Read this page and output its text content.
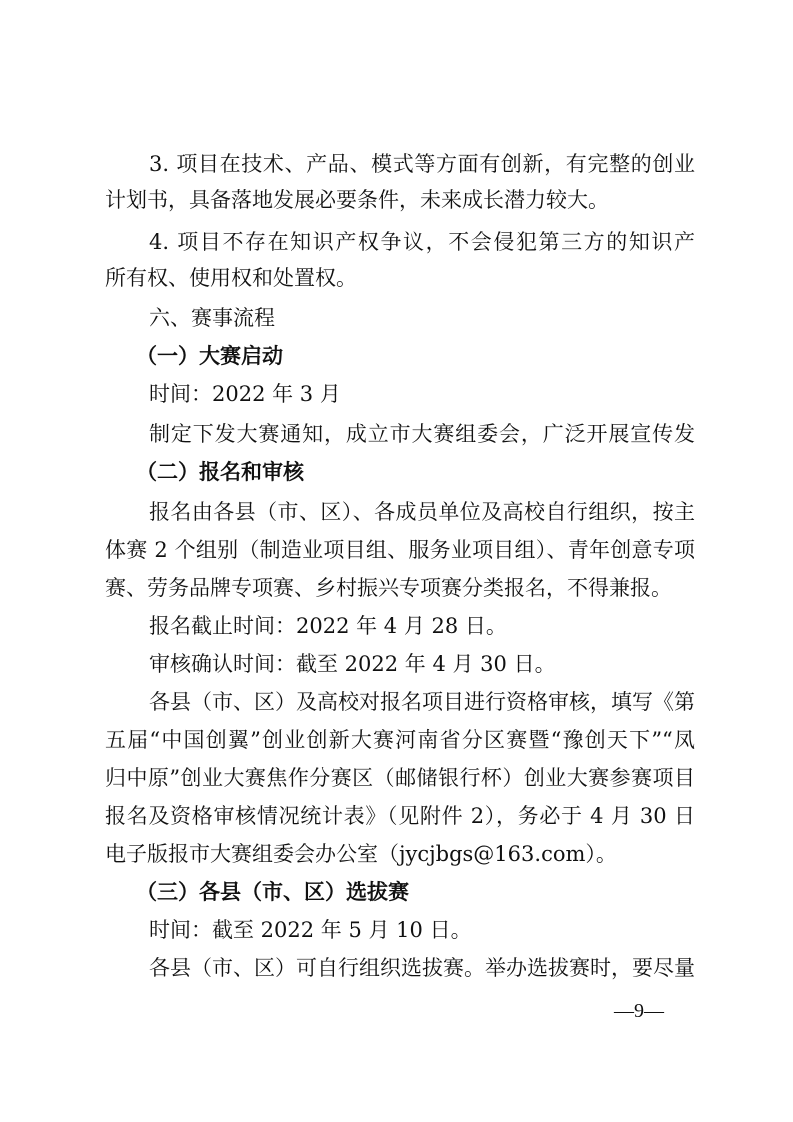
3. 项目在技术、产品、模式等方面有创新，有完整的创业

计划书，具备落地发展必要条件，未来成长潜力较大。

4. 项目不存在知识产权争议，不会侵犯第三方的知识产

所有权、使用权和处置权。

六、赛事流程

（一）大赛启动

时间：2022 年 3 月

制定下发大赛通知，成立市大赛组委会，广泛开展宣传发

（二）报名和审核

报名由各县（市、区）、各成员单位及高校自行组织，按主

体赛 2 个组别（制造业项目组、服务业项目组）、青年创意专项

赛、劳务品牌专项赛、乡村振兴专项赛分类报名，不得兼报。

报名截止时间：2022 年 4 月 28 日。

审核确认时间：截至 2022 年 4 月 30 日。

各县（市、区）及高校对报名项目进行资格审核，填写《第

五届“中国创翼”创业创新大赛河南省分区赛暨“豫创天下”“凤

归中原”创业大赛焦作分赛区（邮储银行杯）创业大赛参赛项目

报名及资格审核情况统计表》（见附件 2），务必于 4 月 30 日

电子版报市大赛组委会办公室（jycjbgs@163.com）。

（三）各县（市、区）选拔赛

时间：截至 2022 年 5 月 10 日。

各县（市、区）可自行组织选拔赛。举办选拔赛时，要尽量

—9—
